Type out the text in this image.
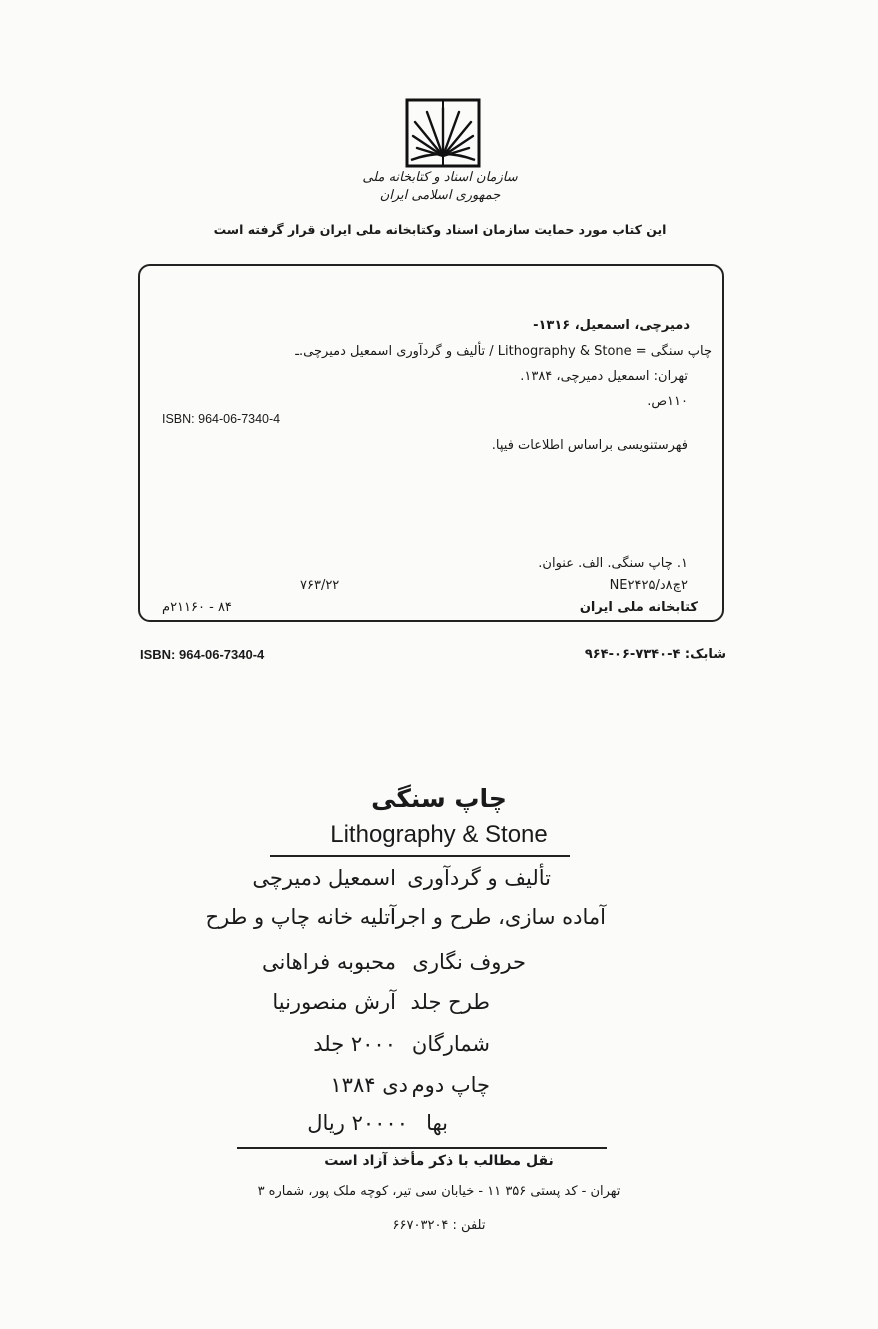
سازمان اسناد و کتابخانه ملی
جمهوری اسلامی ایران
این کتاب مورد حمایت سازمان اسناد وکتابخانه ملی ایران قرار گرفته است
دمیرچی، اسمعیل، ۱۳۱۶-
چاپ سنگی = Lithography & Stone / تألیف و گردآوری اسمعیل دمیرچی.ـ
تهران: اسمعیل دمیرچی، ۱۳۸۴.
۱۱۰ص.
ISBN: 964-06-7340-4
فهرستنویسی براساس اطلاعات فیپا.
۱. چاپ سنگی. الف. عنوان.
۲چ۸د/NE۲۴۲۵
۷۶۳/۲۲
کتابخانه ملی ایران
۸۴ - ۲۱۱۶۰م
ISBN: 964-06-7340-4	شابک: ۴-۷۳۴۰-۰۶-۹۶۴
چاپ سنگی
Lithography & Stone
تألیف و گردآوری
اسمعیل دمیرچی
آماده سازی، طرح و اجرا
آتلیه خانه چاپ و طرح
حروف نگاری
محبوبه فراهانی
طرح جلد
آرش منصورنیا
شمارگان
۲۰۰۰ جلد
چاپ دوم
دی ۱۳۸۴
بها
۲۰۰۰۰ ریال
نقل مطالب با ذکر مأخذ آزاد است
تهران - کد پستی ۳۵۶ ۱۱ - خیابان سی تیر، کوچه ملک پور، شماره ۳
تلفن : ۶۶۷۰۳۲۰۴
